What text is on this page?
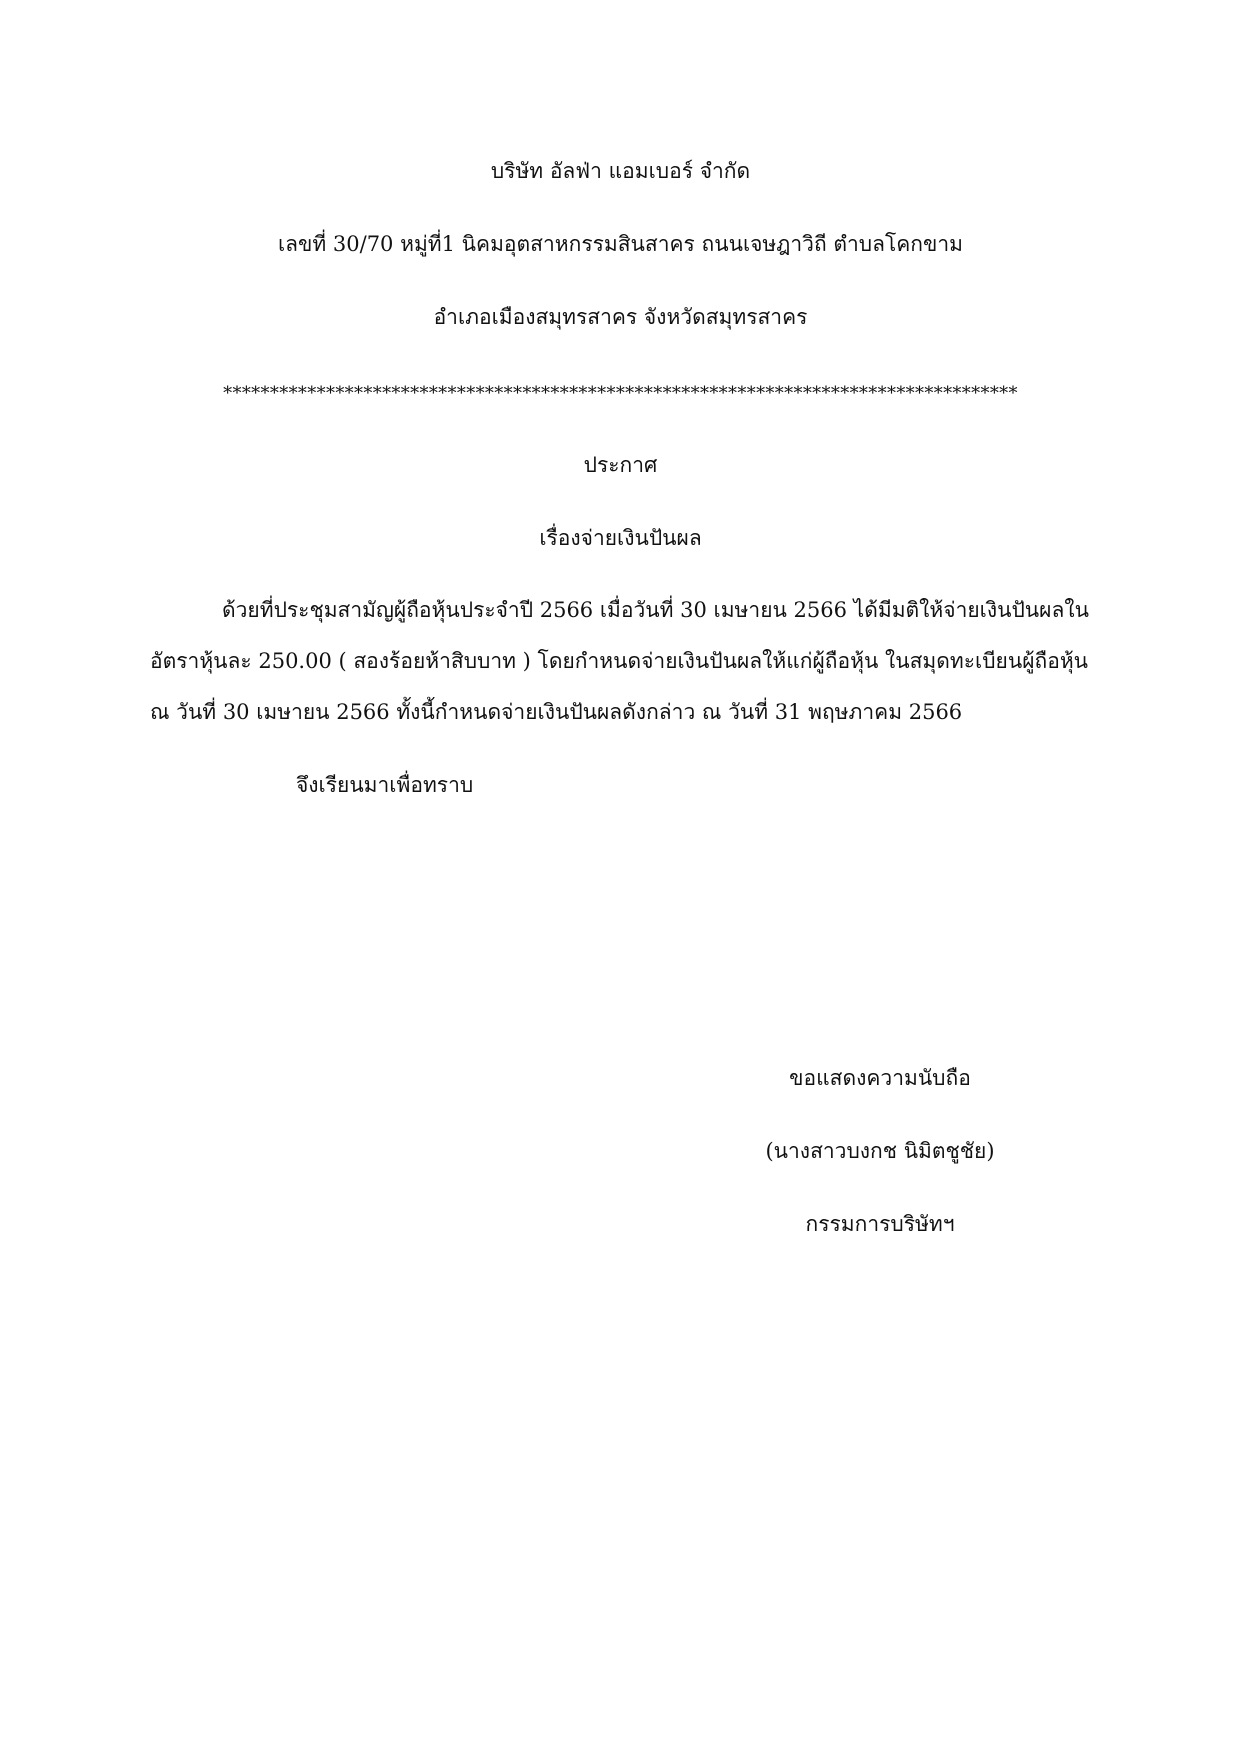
บริษัท อัลฟ่า แอมเบอร์ จำกัด

เลขที่ 30/70 หมู่ที่1 นิคมอุตสาหกรรมสินสาคร ถนนเจษฎาวิถี ตำบลโคกขาม

อำเภอเมืองสมุทรสาคร จังหวัดสมุทรสาคร

*************************************************************************************

ประกาศ

เรื่องจ่ายเงินปันผล

ด้วยที่ประชุมสามัญผู้ถือหุ้นประจำปี 2566 เมื่อวันที่ 30 เมษายน 2566 ได้มีมติให้จ่ายเงินปันผลใน

อัตราหุ้นละ 250.00 ( สองร้อยห้าสิบบาท ) โดยกำหนดจ่ายเงินปันผลให้แก่ผู้ถือหุ้น ในสมุดทะเบียนผู้ถือหุ้น

ณ วันที่ 30 เมษายน 2566 ทั้งนี้กำหนดจ่ายเงินปันผลดังกล่าว ณ วันที่ 31 พฤษภาคม 2566

จึงเรียนมาเพื่อทราบ

ขอแสดงความนับถือ

(นางสาวบงกช นิมิตชูชัย)

กรรมการบริษัทฯ
